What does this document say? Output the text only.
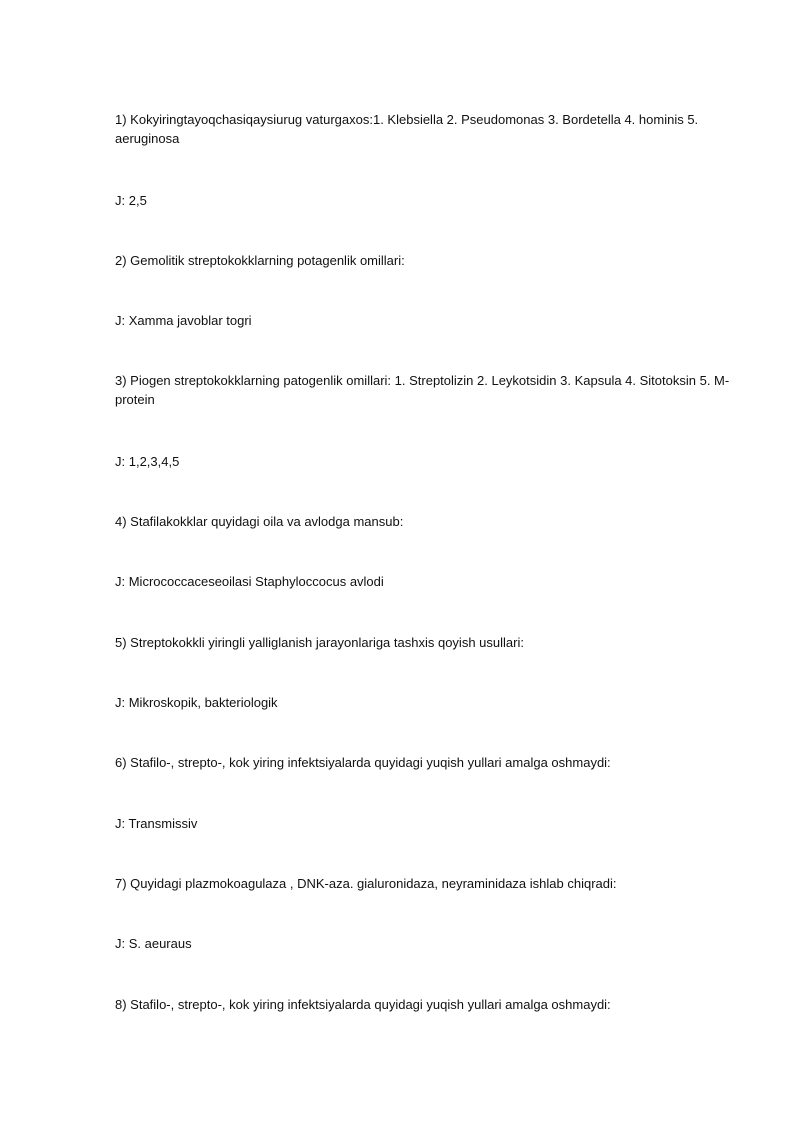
1) Kokyiringtayoqchasiqaysiurug vaturgaxos:1. Klebsiella 2. Pseudomonas 3. Bordetella 4. hominis 5. aeruginosa

J: 2,5

2) Gemolitik streptokokklarning potagenlik omillari:

J: Xamma javoblar togri

3) Piogen streptokokklarning patogenlik omillari: 1. Streptolizin 2. Leykotsidin 3. Kapsula 4. Sitotoksin 5. M-protein

J: 1,2,3,4,5

4) Stafilakokklar quyidagi oila va avlodga mansub:

J: Micrococcaceseoilasi Staphyloccocus avlodi

5) Streptokokkli yiringli yalliglanish jarayonlariga tashxis qoyish usullari:

J: Mikroskopik, bakteriologik

6) Stafilo-, strepto-, kok yiring infektsiyalarda quyidagi yuqish yullari amalga oshmaydi:

J: Transmissiv

7) Quyidagi plazmokoagulaza , DNK-aza. gialuronidaza, neyraminidaza ishlab chiqradi:

J: S. aeuraus

8) Stafilo-, strepto-, kok yiring infektsiyalarda quyidagi yuqish yullari amalga oshmaydi:
